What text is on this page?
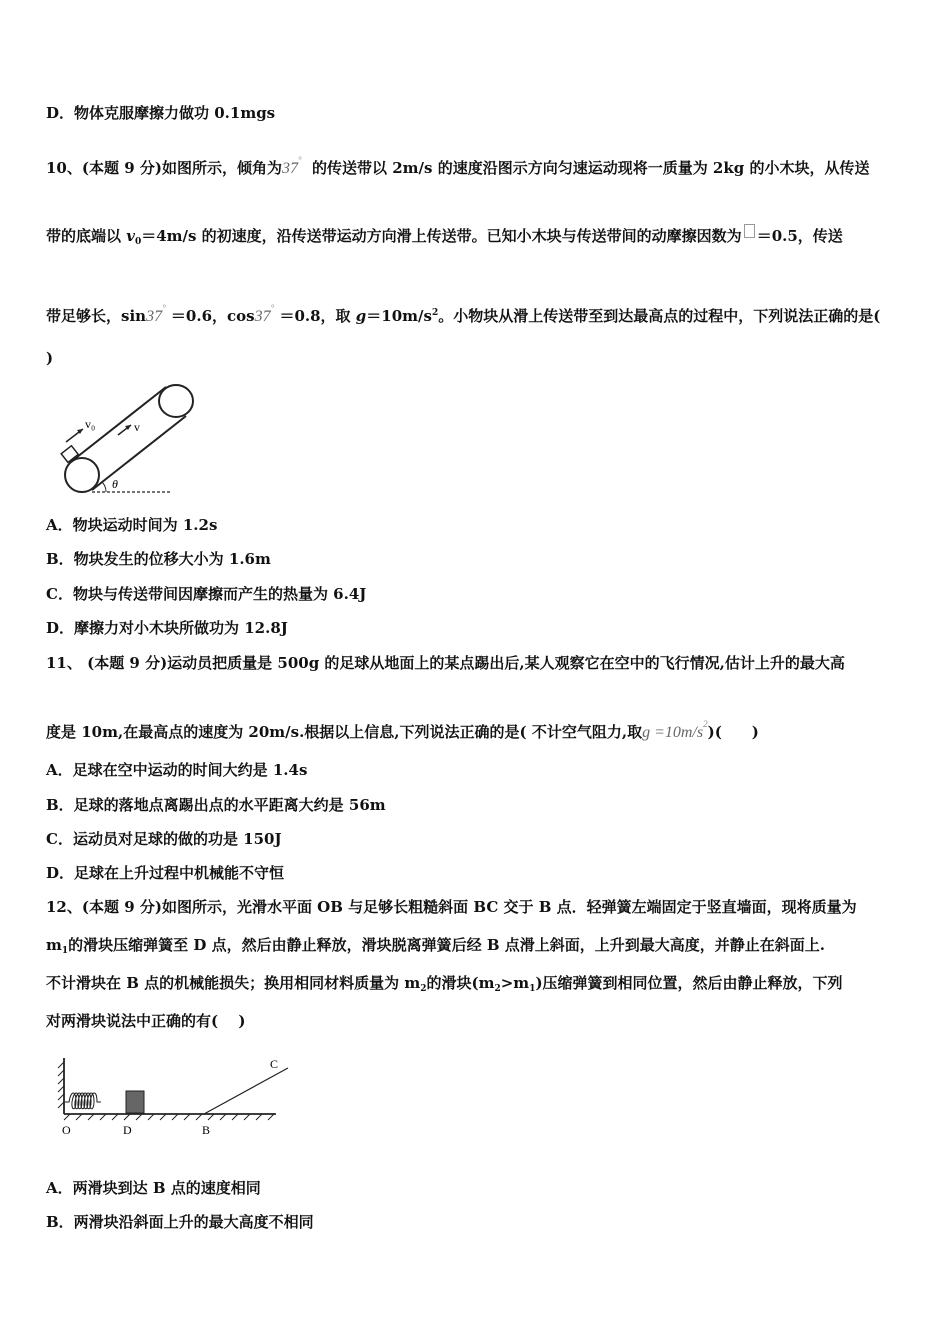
D．物体克服摩擦力做功 0.1mgs
10、(本题 9 分)如图所示，倾角为37° 的传送带以 2m/s 的速度沿图示方向匀速运动现将一质量为 2kg 的小木块，从传送
带的底端以 $v_0=4m/s$ 的初速度，沿传送带运动方向滑上传送带。已知小木块与传送带间的动摩擦因数为 ＝0.5，传送
带足够长，sin37° ＝0.6，cos37° ＝0.8，取 $g=10m/s^2$。小物块从滑上传送带至到达最高点的过程中，下列说法正确的是(
)
v₀	v
θ
A．物块运动时间为 1.2s
B．物块发生的位移大小为 1.6m
C．物块与传送带间因摩擦而产生的热量为 6.4J
D．摩擦力对小木块所做功为 12.8J
11、 (本题 9 分)运动员把质量是 500g 的足球从地面上的某点踢出后,某人观察它在空中的飞行情况,估计上升的最大高
度是 10m,在最高点的速度为 20m/s.根据以上信息,下列说法正确的是( 不计空气阻力,取$g =10m/s^2$)(　　)
A．足球在空中运动的时间大约是 1.4s
B．足球的落地点离踢出点的水平距离大约是 56m
C．运动员对足球的做的功是 150J
D．足球在上升过程中机械能不守恒
12、(本题 9 分)如图所示，光滑水平面 OB 与足够长粗糙斜面 BC 交于 B 点．轻弹簧左端固定于竖直墙面，现将质量为
$m_1$的滑块压缩弹簧至 D 点，然后由静止释放，滑块脱离弹簧后经 B 点滑上斜面，上升到最大高度，并静止在斜面上.
不计滑块在 B 点的机械能损失；换用相同材料质量为 $m_2$的滑块$(m_2>m_1)$压缩弹簧到相同位置，然后由静止释放，下列
对两滑块说法中正确的有(　 )
O	D	B
C
A．两滑块到达 B 点的速度相同
B．两滑块沿斜面上升的最大高度不相同
